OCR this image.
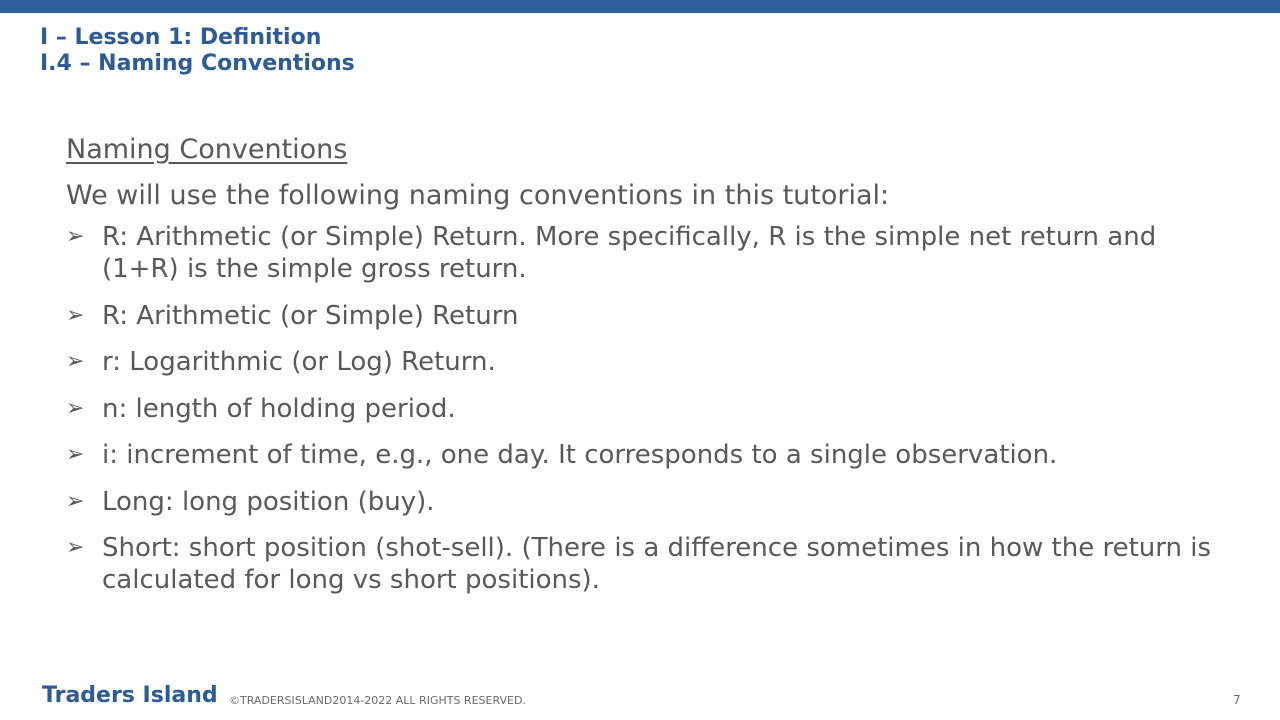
I – Lesson 1: Definition
I.4 – Naming Conventions
Naming Conventions
We will use the following naming conventions in this tutorial:
➢ R: Arithmetic (or Simple) Return. More specifically, R is the simple net return and (1+R) is the simple gross return.
➢ R: Arithmetic (or Simple) Return
➢ r: Logarithmic (or Log) Return.
➢ n: length of holding period.
➢ i: increment of time, e.g., one day. It corresponds to a single observation.
➢ Long: long position (buy).
➢ Short: short position (shot-sell). (There is a difference sometimes in how the return is calculated for long vs short positions).
Traders Island ©TRADERSISLAND2014-2022 ALL RIGHTS RESERVED.	7
